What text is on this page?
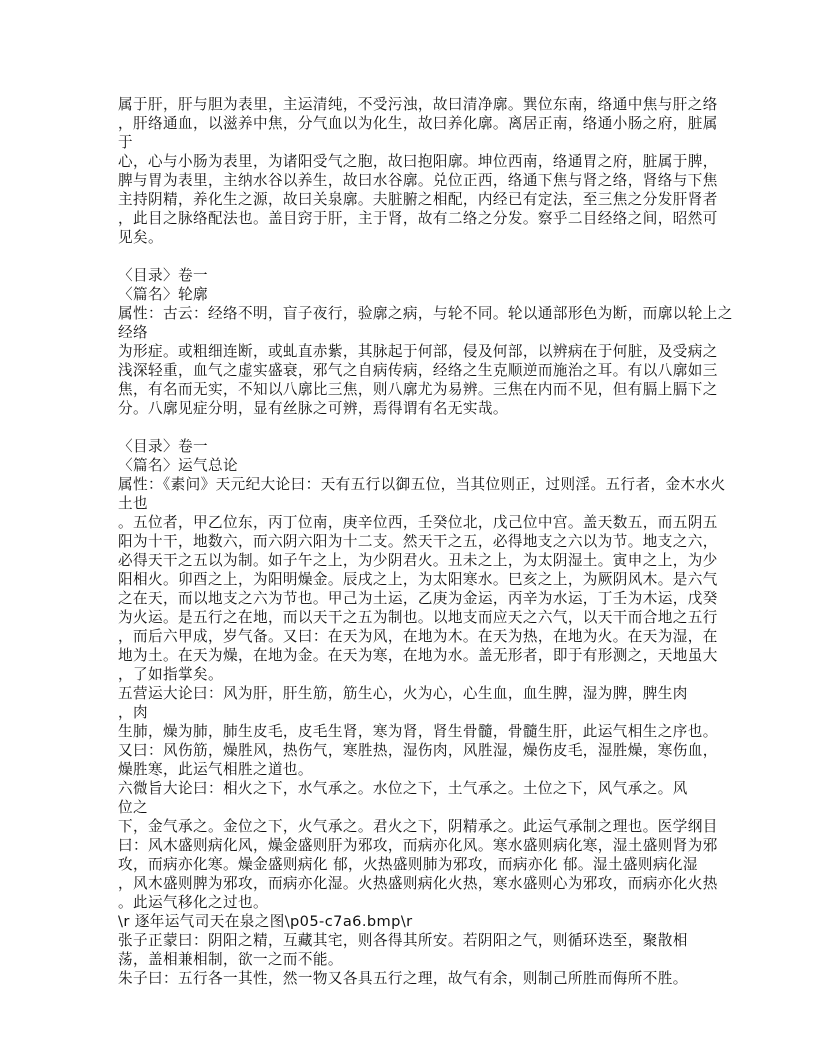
属于肝，肝与胆为表里，主运清纯，不受污浊，故曰清净廓。巽位东南，络通中焦与肝之络
，肝络通血，以滋养中焦，分气血以为化生，故曰养化廓。离居正南，络通小肠之府，脏属
于
心，心与小肠为表里，为诸阳受气之胞，故曰抱阳廓。坤位西南，络通胃之府，脏属于脾，
脾与胃为表里，主纳水谷以养生，故曰水谷廓。兑位正西，络通下焦与肾之络，肾络与下焦
主持阴精，养化生之源，故曰关泉廓。夫脏腑之相配，内经已有定法，至三焦之分发肝肾者
，此目之脉络配法也。盖目窍于肝，主于肾，故有二络之分发。察乎二目经络之间，昭然可
见矣。
〈目录〉卷一
〈篇名〉轮廓
属性：古云：经络不明，盲子夜行，验廓之病，与轮不同。轮以通部形色为断，而廓以轮上之
经络
为形症。或粗细连断，或虬直赤紫，其脉起于何部，侵及何部，以辨病在于何脏，及受病之
浅深轻重，血气之虚实盛衰，邪气之自病传病，经络之生克顺逆而施治之耳。有以八廓如三
焦，有名而无实，不知以八廓比三焦，则八廓尤为易辨。三焦在内而不见，但有膈上膈下之
分。八廓见症分明，显有丝脉之可辨，焉得谓有名无实哉。
〈目录〉卷一
〈篇名〉运气总论
属性：《素问》天元纪大论曰：天有五行以御五位，当其位则正，过则淫。五行者，金木水火
土也
。五位者，甲乙位东，丙丁位南，庚辛位西，壬癸位北，戊己位中宫。盖天数五，而五阴五
阳为十干，地数六，而六阴六阳为十二支。然天干之五，必得地支之六以为节。地支之六，
必得天干之五以为制。如子午之上，为少阴君火。丑未之上，为太阴湿土。寅申之上，为少
阳相火。卯酉之上，为阳明燥金。辰戌之上，为太阳寒水。巳亥之上，为厥阴风木。是六气
之在天，而以地支之六为节也。甲己为土运，乙庚为金运，丙辛为水运，丁壬为木运，戊癸
为火运。是五行之在地，而以天干之五为制也。以地支而应天之六气，以天干而合地之五行
，而后六甲成，岁气备。又曰：在天为风，在地为木。在天为热，在地为火。在天为湿，在
地为土。在天为燥，在地为金。在天为寒，在地为水。盖无形者，即于有形测之，天地虽大
，了如指掌矣。
五营运大论曰：风为肝，肝生筋，筋生心，火为心，心生血，血生脾，湿为脾，脾生肉
，肉
生肺，燥为肺，肺生皮毛，皮毛生肾，寒为肾，肾生骨髓，骨髓生肝，此运气相生之序也。
又曰：风伤筋，燥胜风，热伤气，寒胜热，湿伤肉，风胜湿，燥伤皮毛，湿胜燥，寒伤血，
燥胜寒，此运气相胜之道也。
六微旨大论曰：相火之下，水气承之。水位之下，土气承之。土位之下，风气承之。风
位之
下，金气承之。金位之下，火气承之。君火之下，阴精承之。此运气承制之理也。医学纲目
曰：风木盛则病化风，燥金盛则肝为邪攻，而病亦化风。寒水盛则病化寒，湿土盛则肾为邪
攻，而病亦化寒。燥金盛则病化 郁，火热盛则肺为邪攻，而病亦化 郁。湿土盛则病化湿
，风木盛则脾为邪攻，而病亦化湿。火热盛则病化火热，寒水盛则心为邪攻，而病亦化火热
。此运气移化之过也。
\r 逐年运气司天在泉之图\p05-c7a6.bmp\r
张子正蒙曰：阴阳之精，互藏其宅，则各得其所安。若阴阳之气，则循环迭至，聚散相
荡，盖相兼相制，欲一之而不能。
朱子曰：五行各一其性，然一物又各具五行之理，故气有余，则制己所胜而侮所不胜。
